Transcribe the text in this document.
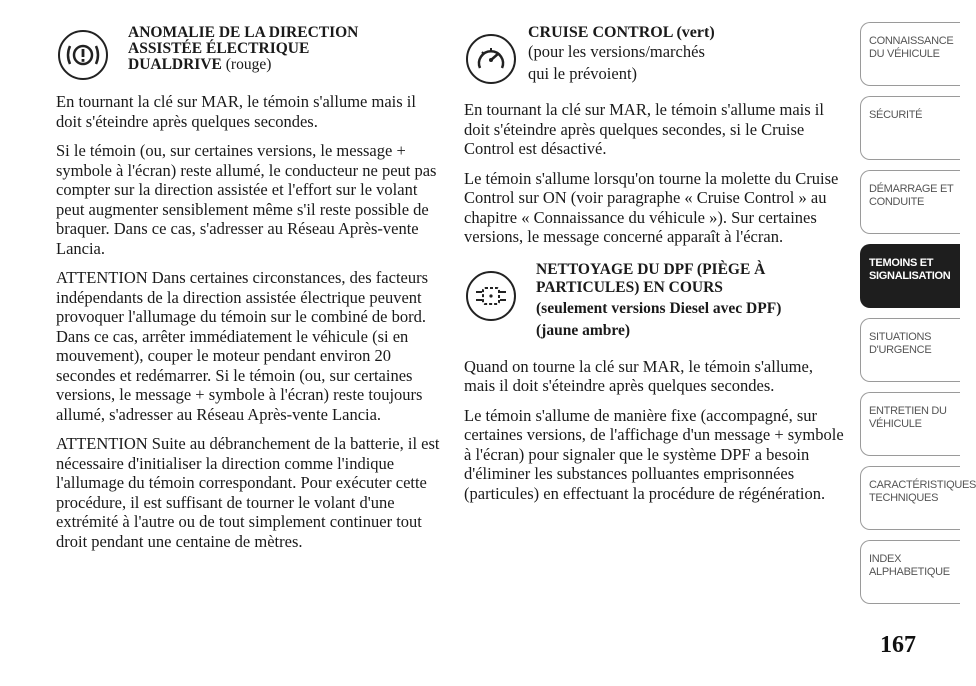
ANOMALIE DE LA DIRECTION ASSISTÉE ÉLECTRIQUE
DUALDRIVE (rouge)

En tournant la clé sur MAR, le témoin s'allume mais il doit s'éteindre après quelques secondes.

Si le témoin (ou, sur certaines versions, le message + symbole à l'écran) reste allumé, le conducteur ne peut pas compter sur la direction assistée et l'effort sur le volant peut augmenter sensiblement même s'il reste possible de braquer. Dans ce cas, s'adresser au Réseau Après-vente Lancia.

ATTENTION Dans certaines circonstances, des facteurs indépendants de la direction assistée électrique peuvent provoquer l'allumage du témoin sur le combiné de bord. Dans ce cas, arrêter immédiatement le véhicule (si en mouvement), couper le moteur pendant environ 20 secondes et redémarrer. Si le témoin (ou, sur certaines versions, le message + symbole à l'écran) reste toujours allumé, s'adresser au Réseau Après-vente Lancia.

ATTENTION Suite au débranchement de la batterie, il est nécessaire d'initialiser la direction comme l'indique l'allumage du témoin correspondant. Pour exécuter cette procédure, il est suffisant de tourner le volant d'une extrémité à l'autre ou de tout simplement continuer tout droit pendant une centaine de mètres.

CRUISE CONTROL (vert)
(pour les versions/marchés
qui le prévoient)

En tournant la clé sur MAR, le témoin s'allume mais il doit s'éteindre après quelques secondes, si le Cruise Control est désactivé.

Le témoin s'allume lorsqu'on tourne la molette du Cruise Control sur ON (voir paragraphe « Cruise Control » au chapitre « Connaissance du véhicule »). Sur certaines versions, le message concerné apparaît à l'écran.

NETTOYAGE DU DPF (PIÈGE À
PARTICULES) EN COURS
(seulement versions Diesel avec DPF)
(jaune ambre)

Quand on tourne la clé sur MAR, le témoin s'allume, mais il doit s'éteindre après quelques secondes.

Le témoin s'allume de manière fixe (accompagné, sur certaines versions, de l'affichage d'un message + symbole à l'écran) pour signaler que le système DPF a besoin d'éliminer les substances polluantes emprisonnées (particules) en effectuant la procédure de régénération.

CONNAISSANCE DU VÉHICULE
SÉCURITÉ
DÉMARRAGE ET CONDUITE
TEMOINS ET SIGNALISATION
SITUATIONS D'URGENCE
ENTRETIEN DU VÉHICULE
CARACTÉRISTIQUES TECHNIQUES
INDEX ALPHABETIQUE
167
